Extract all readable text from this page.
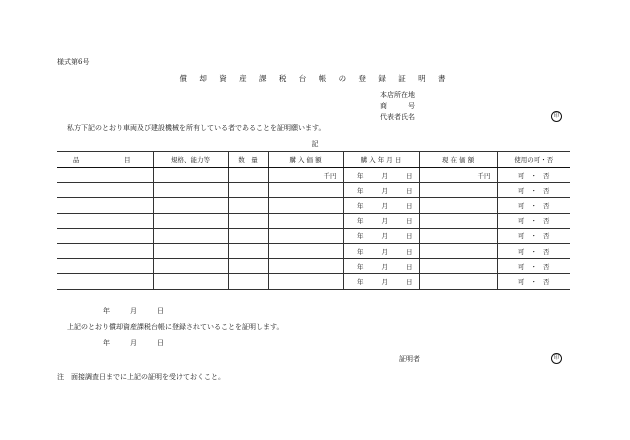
様式第6号
償 却 資 産 課 税 台 帳 の 登 録 証 明 書
本店所在地
商　　　号
代表者氏名	印
私方下記のとおり車両及び建設機械を所有している者であることを証明願います。
記
品 目	規格、能力等	数　量	購 入 価 額	購 入 年 月 日	現 在 価 額	使用の可・否
			千円	年 月 日	千円	可 ・ 否
				年 月 日		可 ・ 否
				年 月 日		可 ・ 否
				年 月 日		可 ・ 否
				年 月 日		可 ・ 否
				年 月 日		可 ・ 否
				年 月 日		可 ・ 否
				年 月 日		可 ・ 否
年	月	日
上記のとおり償却資産課税台帳に登録されていることを証明します。
年	月	日
証明者	印
注　面接調査日までに上記の証明を受けておくこと。
